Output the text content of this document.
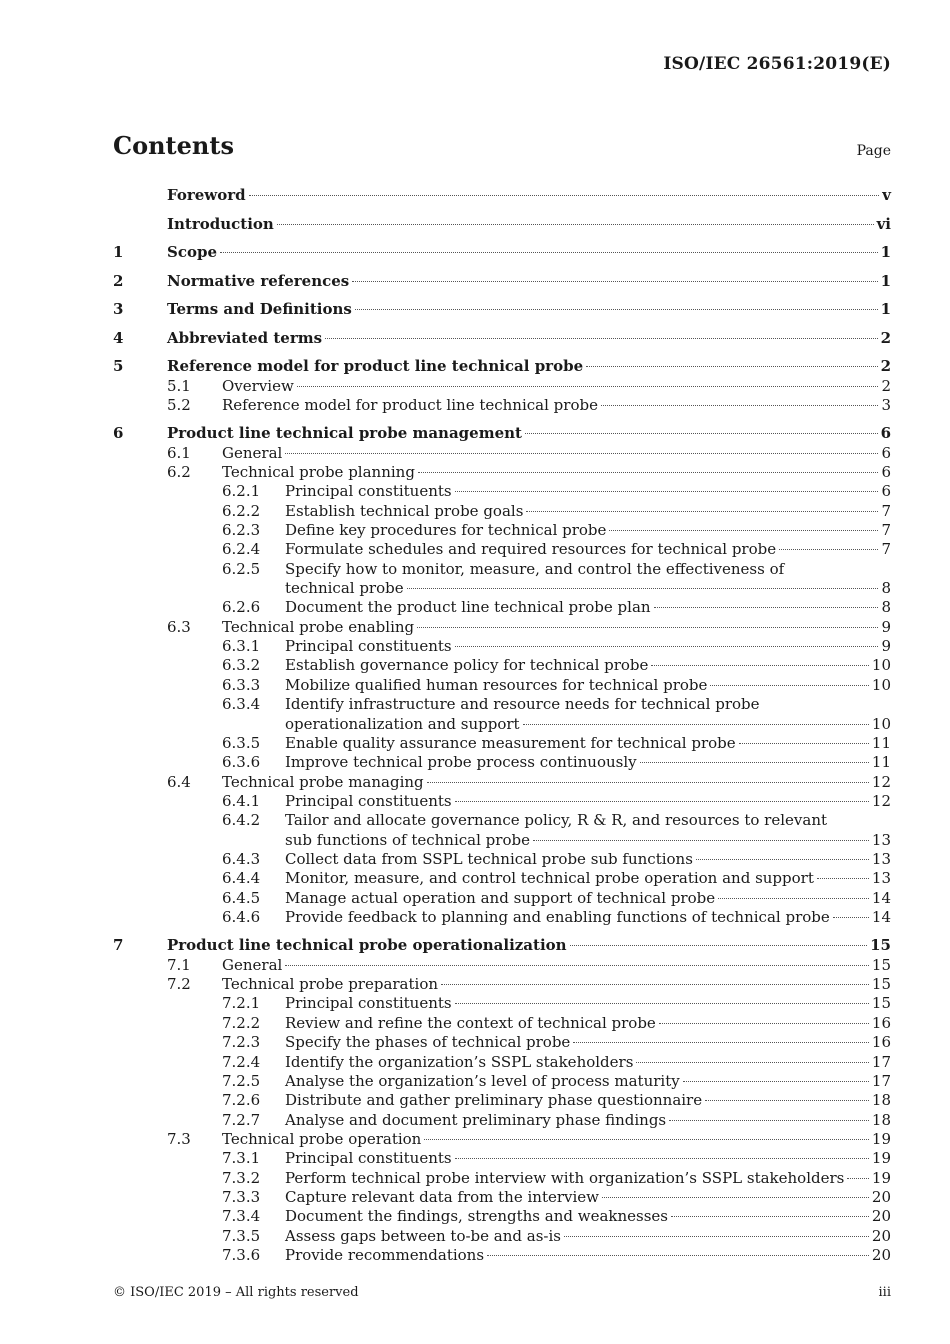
ISO/IEC 26561:2019(E)
Contents	Page
Foreword	v
Introduction	vi
1	Scope	1
2	Normative references	1
3	Terms and Definitions	1
4	Abbreviated terms	2
5	Reference model for product line technical probe	2
5.1 Overview	2
5.2 Reference model for product line technical probe	3
6	Product line technical probe management	6
6.1 General	6
6.2 Technical probe planning	6
6.2.1 Principal constituents	6
6.2.2 Establish technical probe goals	7
6.2.3 Define key procedures for technical probe	7
6.2.4 Formulate schedules and required resources for technical probe	7
6.2.5 Specify how to monitor, measure, and control the effectiveness of
technical probe	8
6.2.6 Document the product line technical probe plan	8
6.3 Technical probe enabling	9
6.3.1 Principal constituents	9
6.3.2 Establish governance policy for technical probe	10
6.3.3 Mobilize qualified human resources for technical probe	10
6.3.4 Identify infrastructure and resource needs for technical probe
operationalization and support	10
6.3.5 Enable quality assurance measurement for technical probe	11
6.3.6 Improve technical probe process continuously	11
6.4 Technical probe managing	12
6.4.1 Principal constituents	12
6.4.2 Tailor and allocate governance policy, R & R, and resources to relevant
sub functions of technical probe	13
6.4.3 Collect data from SSPL technical probe sub functions	13
6.4.4 Monitor, measure, and control technical probe operation and support	13
6.4.5 Manage actual operation and support of technical probe	14
6.4.6 Provide feedback to planning and enabling functions of technical probe	14
7	Product line technical probe operationalization	15
7.1 General	15
7.2 Technical probe preparation	15
7.2.1 Principal constituents	15
7.2.2 Review and refine the context of technical probe	16
7.2.3 Specify the phases of technical probe	16
7.2.4 Identify the organization’s SSPL stakeholders	17
7.2.5 Analyse the organization’s level of process maturity	17
7.2.6 Distribute and gather preliminary phase questionnaire	18
7.2.7 Analyse and document preliminary phase findings	18
7.3 Technical probe operation	19
7.3.1 Principal constituents	19
7.3.2 Perform technical probe interview with organization’s SSPL stakeholders 19
7.3.3 Capture relevant data from the interview	20
7.3.4 Document the findings, strengths and weaknesses	20
7.3.5 Assess gaps between to-be and as-is	20
7.3.6 Provide recommendations	20
© ISO/IEC 2019 – All rights reserved	iii
